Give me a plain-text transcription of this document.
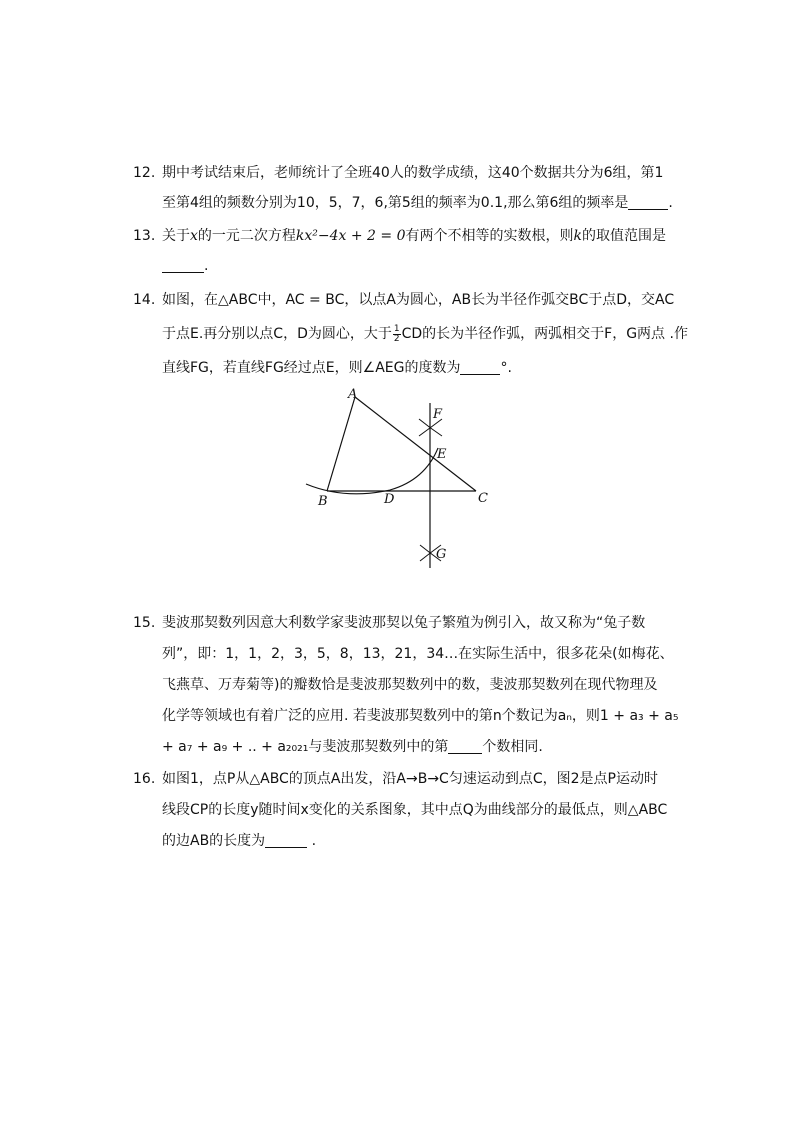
12. 期中考试结束后，老师统计了全班40人的数学成绩，这40个数据共分为6组，第1
至第4组的频数分别为10，5，7，6,第5组的频率为0.1,那么第6组的频率是	.
13. 关于x的一元二次方程kx²−4x + 2 = 0有两个不相等的实数根，则k的取值范围是
.
14. 如图，在△ABC中，AC = BC，以点A为圆心，AB长为半径作弧交BC于点D，交AC
于点E.再分别以点C，D为圆心，大于 $\frac{1}{2}$ CD的长为半径作弧，两弧相交于F，G两点 .作
直线FG，若直线FG经过点E，则∠AEG的度数为	°.
A
B	C
D
E
F
G
15. 斐波那契数列因意大利数学家斐波那契以兔子繁殖为例引入，故又称为“兔子数
列”，即：1，1，2，3，5，8，13，21，34…在实际生活中，很多花朵(如梅花、
飞燕草、万寿菊等)的瓣数恰是斐波那契数列中的数，斐波那契数列在现代物理及
化学等领域也有着广泛的应用. 若斐波那契数列中的第n个数记为aₙ，则1 + a₃ + a₅
+ a₇ + a₉ + .. + a₂₀₂₁与斐波那契数列中的第 个数相同.
16. 如图1，点P从△ABC的顶点A出发，沿A→B→C匀速运动到点C，图2是点P运动时
线段CP的长度y随时间x变化的关系图象，其中点Q为曲线部分的最低点，则△ABC
的边AB的长度为	.
